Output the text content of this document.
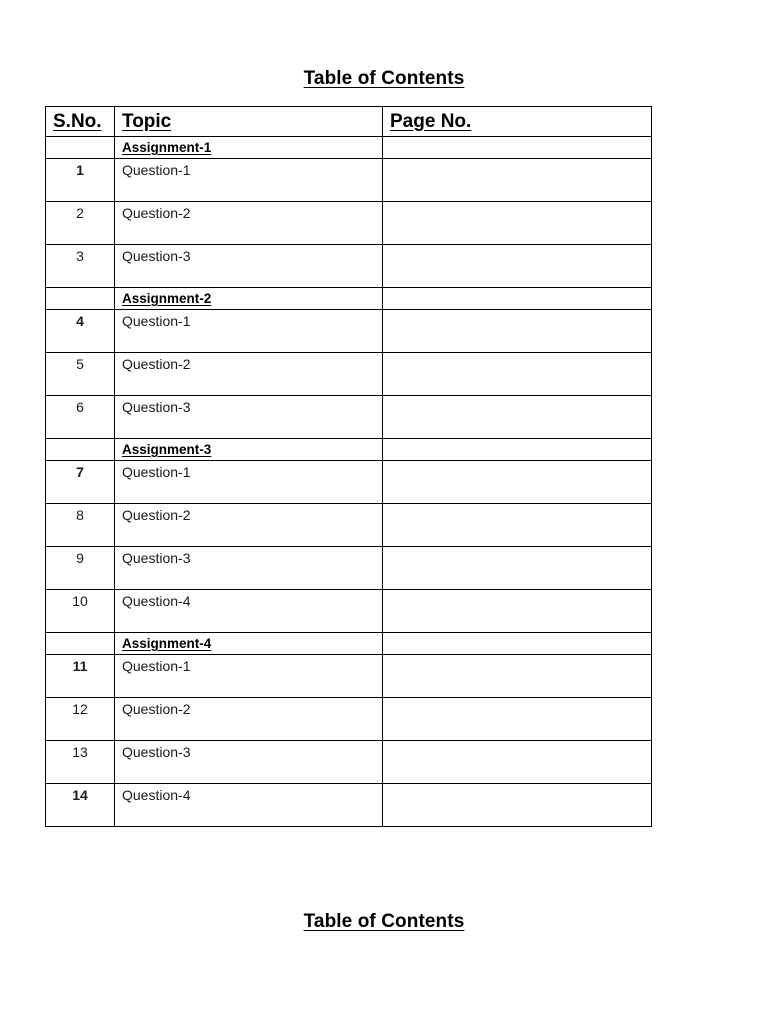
Table of Contents
S.No.	Topic	Page No.
	Assignment-1	
1	Question-1	
2	Question-2	
3	Question-3	
	Assignment-2	
4	Question-1	
5	Question-2	
6	Question-3	
	Assignment-3	
7	Question-1	
8	Question-2	
9	Question-3	
10	Question-4	
	Assignment-4	
11	Question-1	
12	Question-2	
13	Question-3	
14	Question-4	
Table of Contents
